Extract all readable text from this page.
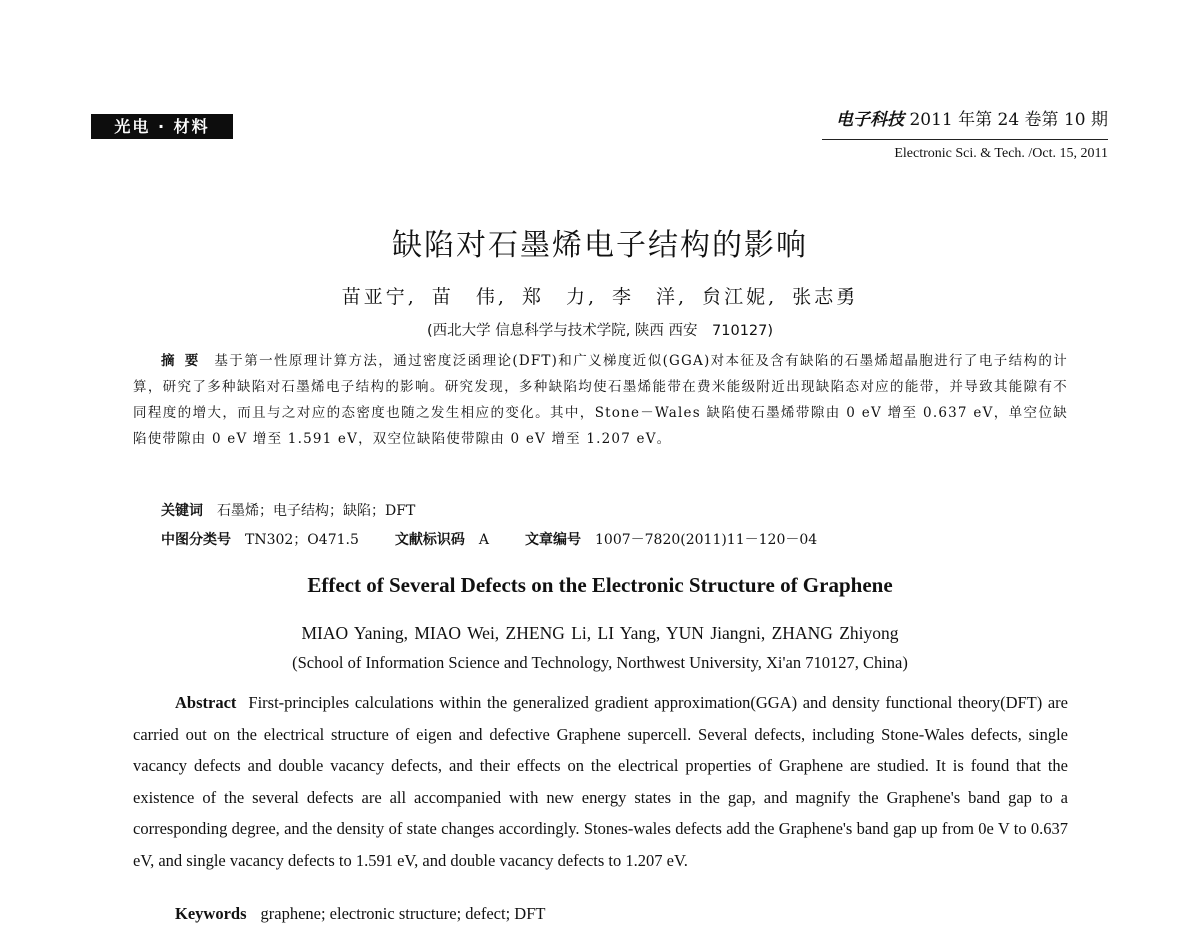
光电 · 材料	电子科技 2011 年第 24 卷第 10 期
Electronic Sci. & Tech. /Oct. 15, 2011
缺陷对石墨烯电子结构的影响
苗亚宁, 苗　伟, 郑　力, 李　洋, 贠江妮, 张志勇
(西北大学 信息科学与技术学院, 陕西 西安　710127)
摘要 基于第一性原理计算方法，通过密度泛函理论(DFT)和广义梯度近似(GGA)对本征及含有缺陷的石墨烯超晶胞进行了电子结构的计算，研究了多种缺陷对石墨烯电子结构的影响。研究发现，多种缺陷均使石墨烯能带在费米能级附近出现缺陷态对应的能带，并导致其能隙有不同程度的增大，而且与之对应的态密度也随之发生相应的变化。其中，Stone－Wales 缺陷使石墨烯带隙由 0 eV 增至 0.637 eV，单空位缺陷使带隙由 0 eV 增至 1.591 eV，双空位缺陷使带隙由 0 eV 增至 1.207 eV。
关键词 石墨烯；电子结构；缺陷；DFT
中图分类号 TN302；O471.5	文献标识码 A	文章编号 1007－7820(2011)11－120－04
Effect of Several Defects on the Electronic Structure of Graphene
MIAO Yaning, MIAO Wei, ZHENG Li, LI Yang, YUN Jiangni, ZHANG Zhiyong
(School of Information Science and Technology, Northwest University, Xi'an 710127, China)
Abstract First-principles calculations within the generalized gradient approximation(GGA) and density functional theory(DFT) are carried out on the electrical structure of eigen and defective Graphene supercell. Several defects, including Stone-Wales defects, single vacancy defects and double vacancy defects, and their effects on the electrical properties of Graphene are studied. It is found that the existence of the several defects are all accompanied with new energy states in the gap, and magnify the Graphene's band gap to a corresponding degree, and the density of state changes accordingly. Stones-wales defects add the Graphene's band gap up from 0e V to 0.637 eV, and single vacancy defects to 1.591 eV, and double vacancy defects to 1.207 eV.
Keywords graphene; electronic structure; defect; DFT
